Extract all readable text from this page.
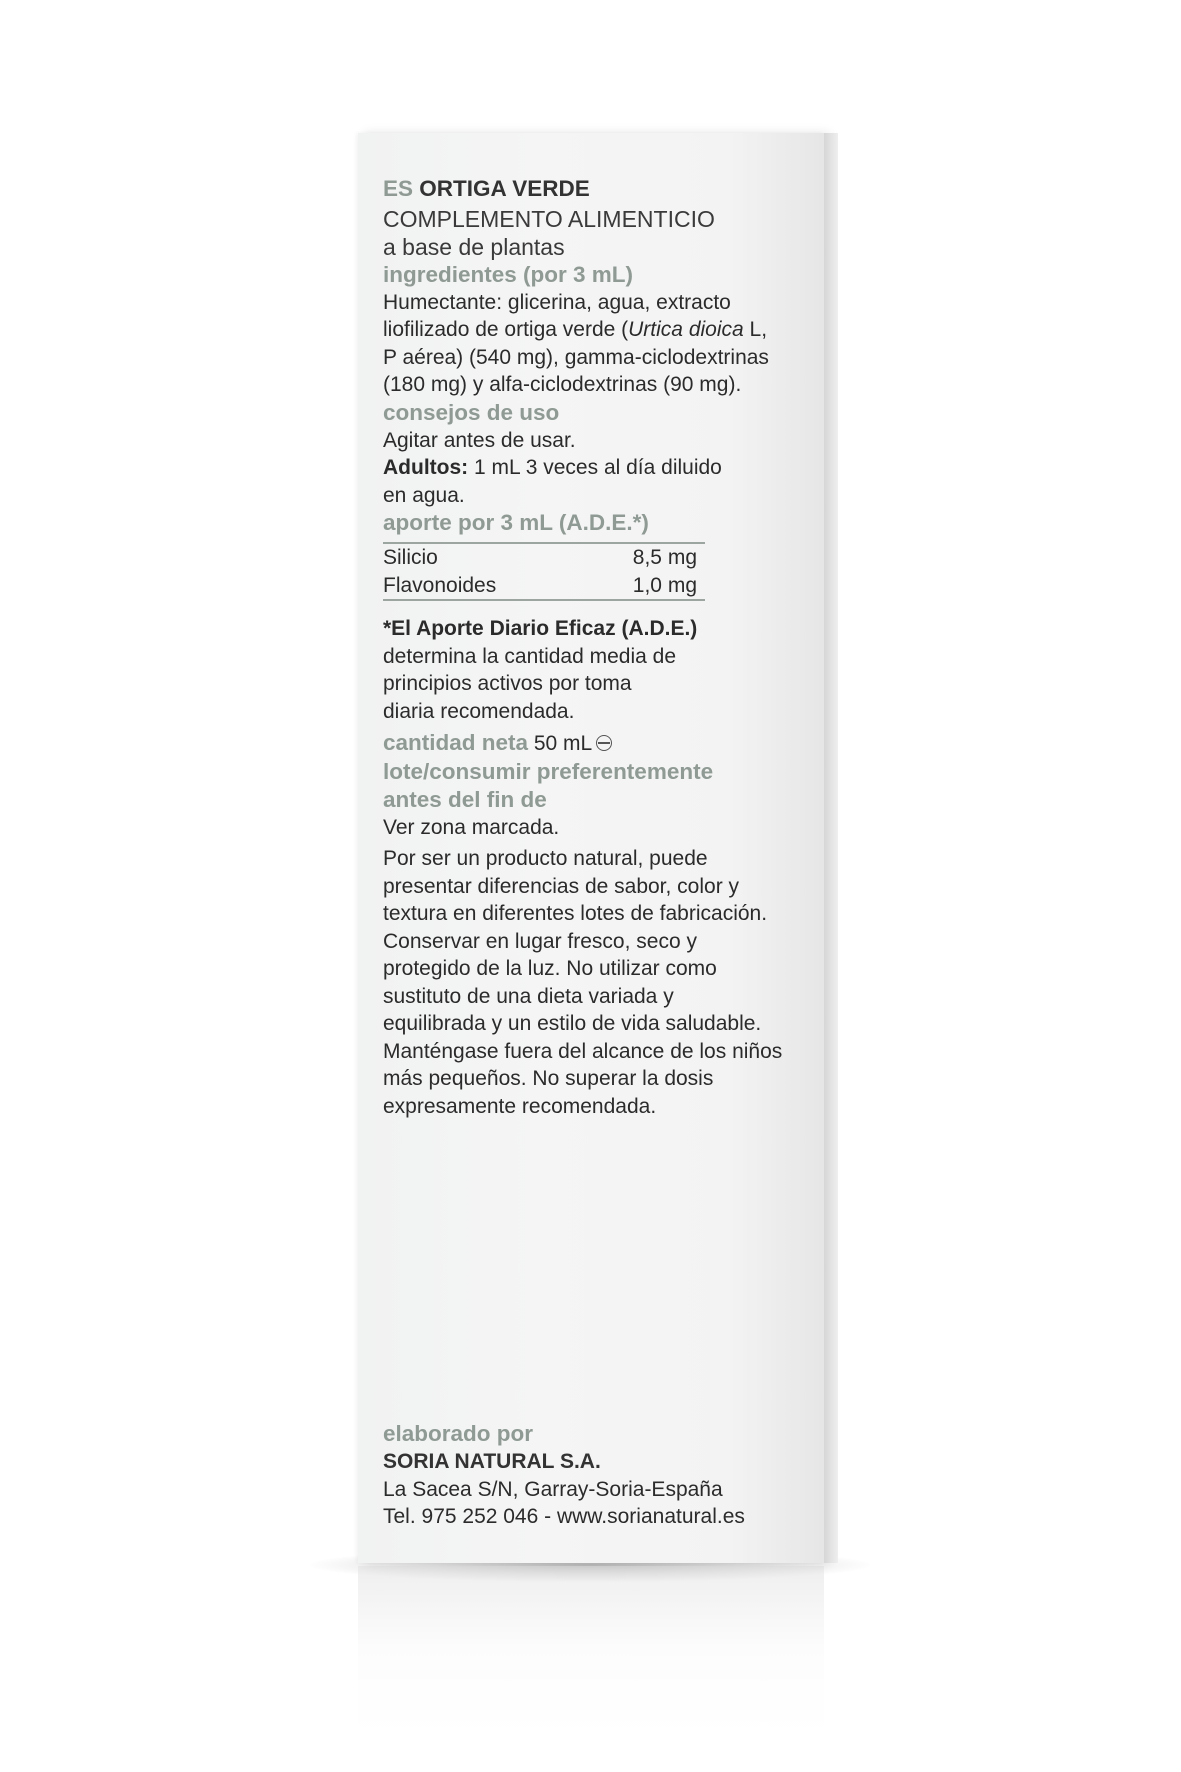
ES ORTIGA VERDE
COMPLEMENTO ALIMENTICIO
a base de plantas
ingredientes (por 3 mL)
Humectante: glicerina, agua, extracto
liofilizado de ortiga verde (Urtica dioica L,
P aérea) (540 mg), gamma-ciclodextrinas
(180 mg) y alfa-ciclodextrinas (90 mg).
consejos de uso
Agitar antes de usar.
Adultos: 1 mL 3 veces al día diluido
en agua.
aporte por 3 mL (A.D.E.*)
Silicio	8,5 mg
Flavonoides	1,0 mg
*El Aporte Diario Eficaz (A.D.E.)
determina la cantidad media de
principios activos por toma
diaria recomendada.
cantidad neta 50 mL
lote/consumir preferentemente
antes del fin de
Ver zona marcada.
Por ser un producto natural, puede
presentar diferencias de sabor, color y
textura en diferentes lotes de fabricación.
Conservar en lugar fresco, seco y
protegido de la luz. No utilizar como
sustituto de una dieta variada y
equilibrada y un estilo de vida saludable.
Manténgase fuera del alcance de los niños
más pequeños. No superar la dosis
expresamente recomendada.
elaborado por
SORIA NATURAL S.A.
La Sacea S/N, Garray-Soria-España
Tel. 975 252 046 - www.sorianatural.es
